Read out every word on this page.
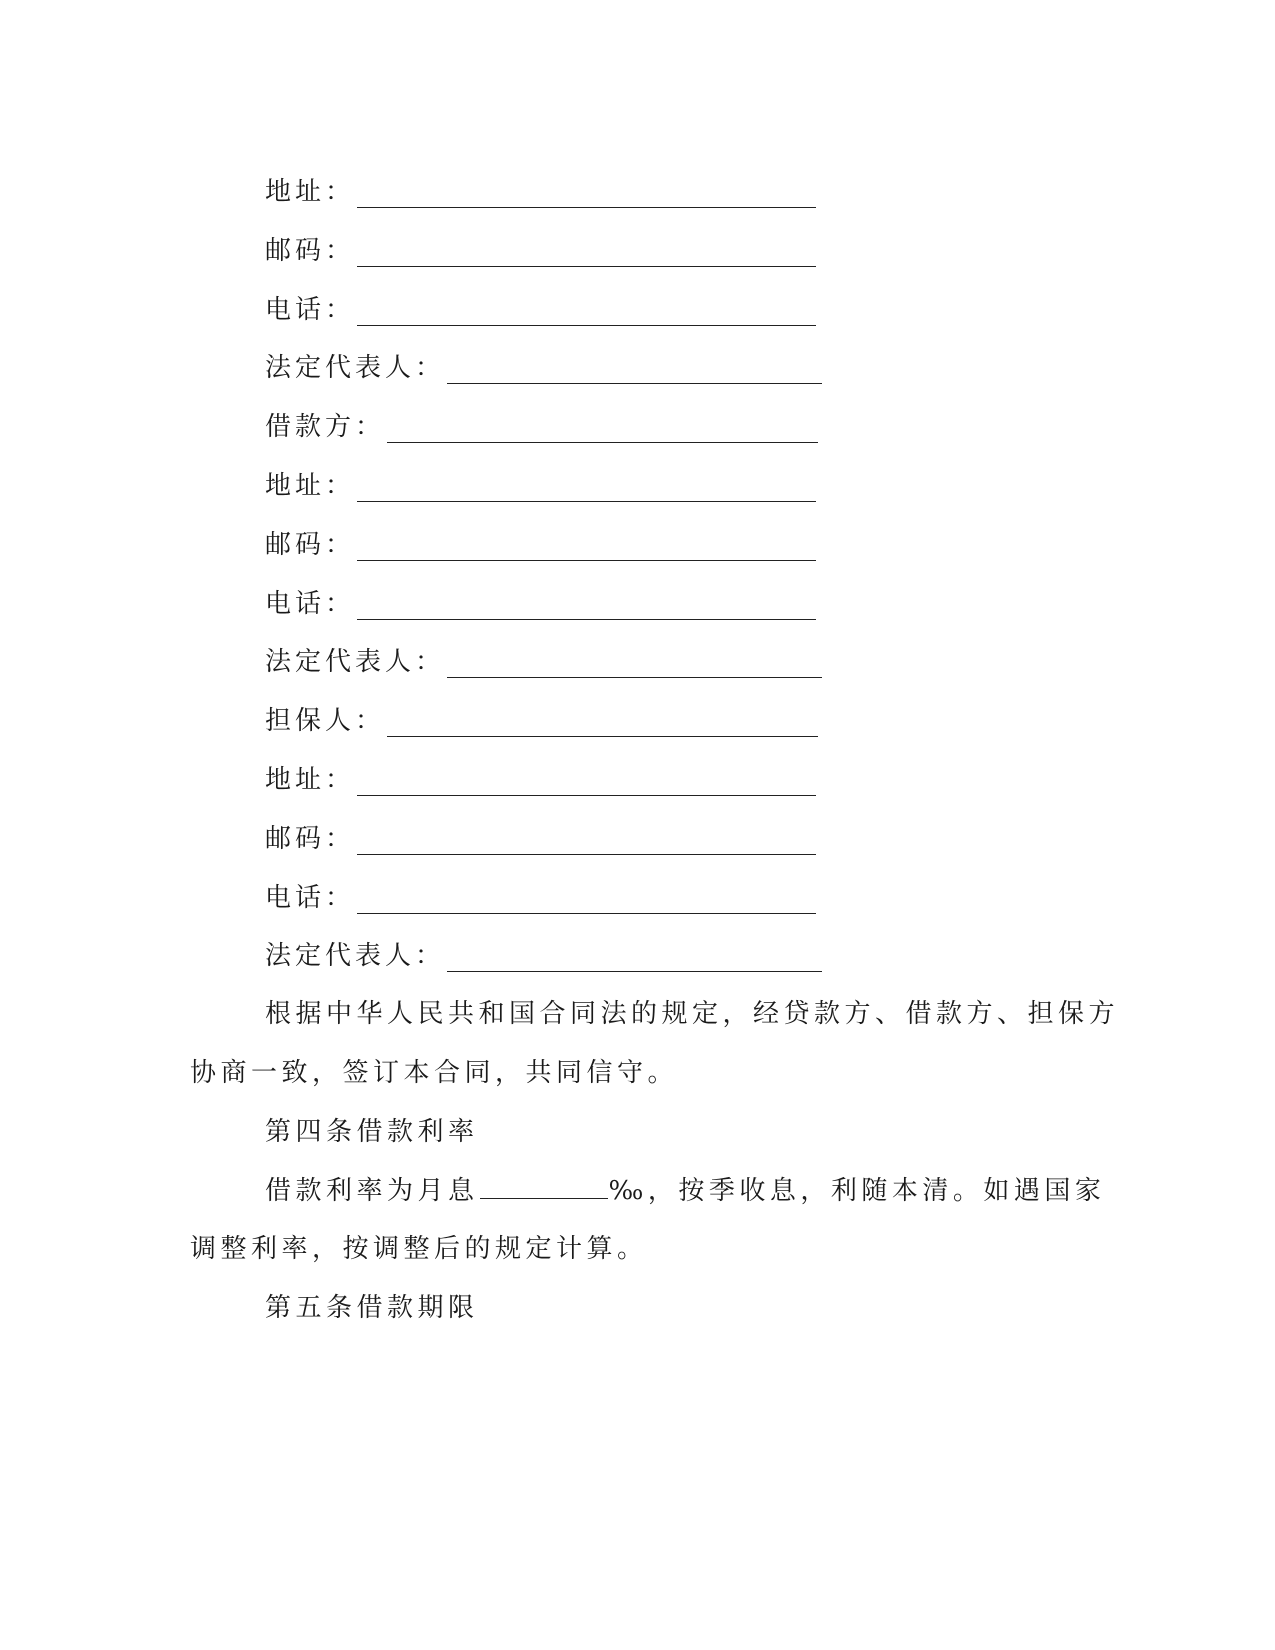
地址：
邮码：
电话：
法定代表人：
借款方：
地址：
邮码：
电话：
法定代表人：
担保人：
地址：
邮码：
电话：
法定代表人：
根据中华人民共和国合同法的规定，经贷款方、借款方、担保方
协商一致，签订本合同，共同信守。
第四条借款利率
借款利率为月息	‰，按季收息，利随本清。如遇国家
调整利率，按调整后的规定计算。
第五条借款期限
